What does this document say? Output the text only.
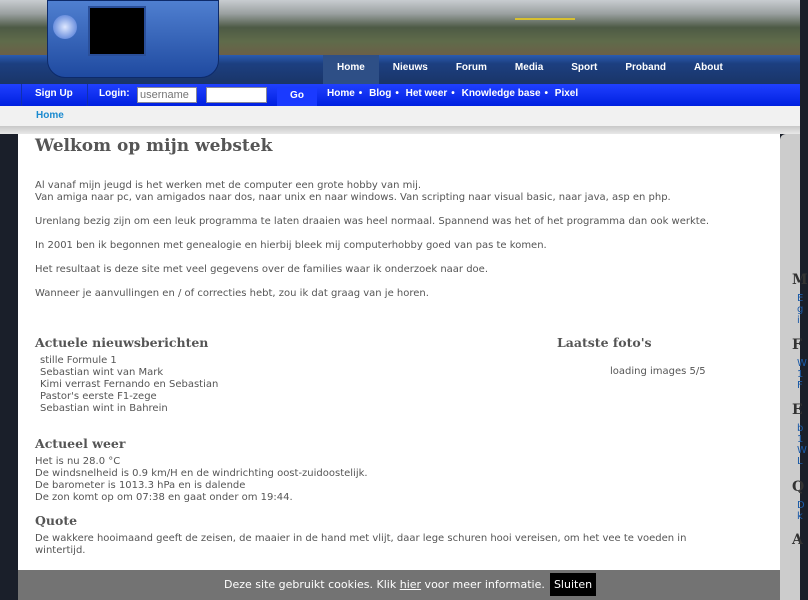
Home	Nieuws	Forum	Media	Sport	Proband	About
Sign Up	Login:
username	Go	Home • Blog • Het weer • Knowledge base • Pixel
Home
Welkom op mijn webstek
Al vanaf mijn jeugd is het werken met de computer een grote hobby van mij.
Van amiga naar pc, van amigados naar dos, naar unix en naar windows. Van scripting naar visual basic, naar java, asp en php.
Urenlang bezig zijn om een leuk programma te laten draaien was heel normaal. Spannend was het of het programma dan ook werkte.
In 2001 ben ik begonnen met genealogie en hierbij bleek mij computerhobby goed van pas te komen.
Het resultaat is deze site met veel gegevens over de families waar ik onderzoek naar doe.
Wanneer je aanvullingen en / of correcties hebt, zou ik dat graag van je horen.
Actuele nieuwsberichten	Laatste foto's
stille Formule 1
Sebastian wint van Mark
Kimi verrast Fernando en Sebastian
Pastor's eerste F1-zege
Sebastian wint in Bahrein
loading images 5/5
Actueel weer
Het is nu 28.0 °C
De windsnelheid is 0.9 km/H en de windrichting oost-zuidoostelijk.
De barometer is 1013.3 hPa en is dalende
De zon komt op om 07:38 en gaat onder om 19:44.
Quote
De wakkere hooimaand geeft de zeisen, de maaier in de hand met vlijt, daar lege schuren hooi vereisen, om het vee te voeden in wintertijd.
M
E
g
i
F
W
1
F
E
b
1
W
L
Q
D
k
A
Deze site gebruikt cookies. Klik hier voor meer informatie. Sluiten
